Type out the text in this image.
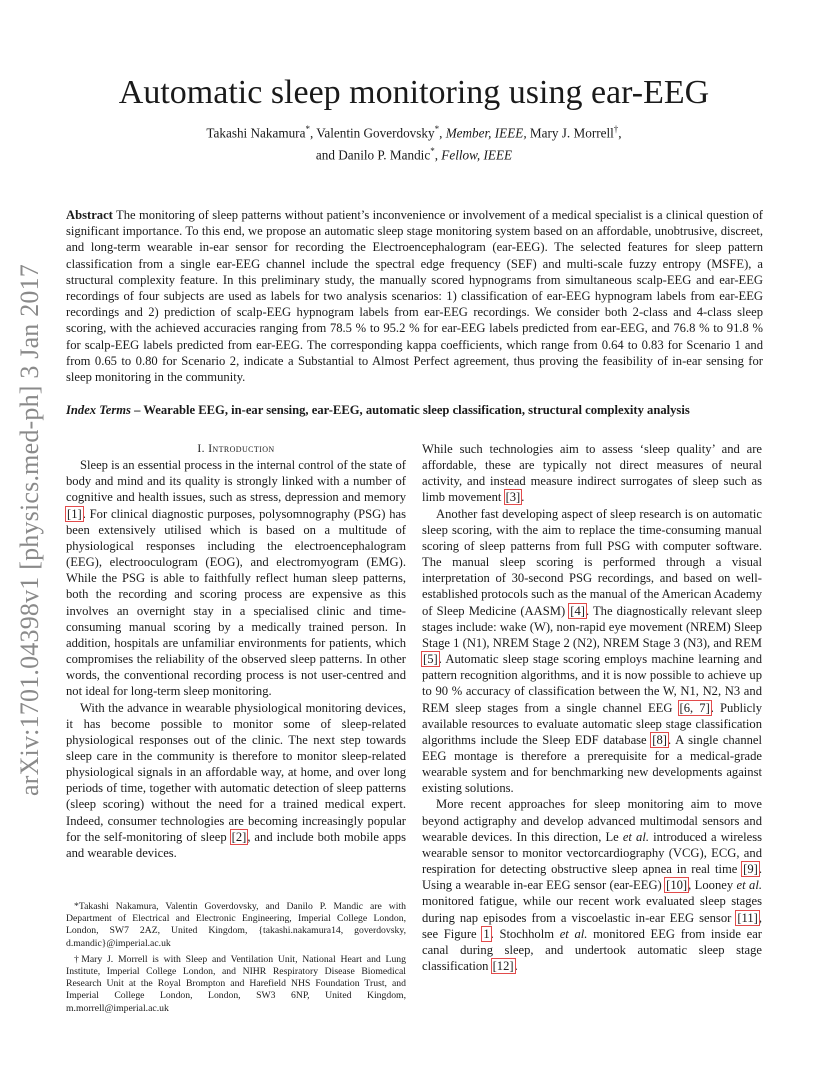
arXiv:1701.04398v1 [physics.med-ph] 3 Jan 2017
Automatic sleep monitoring using ear-EEG
Takashi Nakamura*, Valentin Goverdovsky*, Member, IEEE, Mary J. Morrell†,
and Danilo P. Mandic*, Fellow, IEEE
Abstract The monitoring of sleep patterns without patient’s inconvenience or involvement of a medical specialist is a clinical question of significant importance. To this end, we propose an automatic sleep stage monitoring system based on an affordable, unobtrusive, discreet, and long-term wearable in-ear sensor for recording the Electroencephalogram (ear-EEG). The selected features for sleep pattern classification from a single ear-EEG channel include the spectral edge frequency (SEF) and multi-scale fuzzy entropy (MSFE), a structural complexity feature. In this preliminary study, the manually scored hypnograms from simultaneous scalp-EEG and ear-EEG recordings of four subjects are used as labels for two analysis scenarios: 1) classification of ear-EEG hypnogram labels from ear-EEG recordings and 2) prediction of scalp-EEG hypnogram labels from ear-EEG recordings. We consider both 2-class and 4-class sleep scoring, with the achieved accuracies ranging from 78.5 % to 95.2 % for ear-EEG labels predicted from ear-EEG, and 76.8 % to 91.8 % for scalp-EEG labels predicted from ear-EEG. The corresponding kappa coefficients, which range from 0.64 to 0.83 for Scenario 1 and from 0.65 to 0.80 for Scenario 2, indicate a Substantial to Almost Perfect agreement, thus proving the feasibility of in-ear sensing for sleep monitoring in the community.
Index Terms – Wearable EEG, in-ear sensing, ear-EEG, automatic sleep classification, structural complexity analysis

I. Introduction

Sleep is an essential process in the internal control of the state of body and mind and its quality is strongly linked with a number of cognitive and health issues, such as stress, depression and memory [1]. For clinical diagnostic purposes, polysomnography (PSG) has been extensively utilised which is based on a multitude of physiological responses including the electroencephalogram (EEG), electrooculogram (EOG), and electromyogram (EMG). While the PSG is able to faithfully reflect human sleep patterns, both the recording and scoring process are expensive as this involves an overnight stay in a specialised clinic and time-consuming manual scoring by a medically trained person. In addition, hospitals are unfamiliar environments for patients, which compromises the reliability of the observed sleep patterns. In other words, the conventional recording process is not user-centred and not ideal for long-term sleep monitoring.

With the advance in wearable physiological monitoring devices, it has become possible to monitor some of sleep-related physiological responses out of the clinic. The next step towards sleep care in the community is therefore to monitor sleep-related physiological signals in an affordable way, at home, and over long periods of time, together with automatic detection of sleep patterns (sleep scoring) without the need for a trained medical expert. Indeed, consumer technologies are becoming increasingly popular for the self-monitoring of sleep [2], and include both mobile apps and wearable devices.

*Takashi Nakamura, Valentin Goverdovsky, and Danilo P. Mandic are with Department of Electrical and Electronic Engineering, Imperial College London, London, SW7 2AZ, United Kingdom, {takashi.nakamura14, goverdovsky, d.mandic}@imperial.ac.uk

†Mary J. Morrell is with Sleep and Ventilation Unit, National Heart and Lung Institute, Imperial College London, and NIHR Respiratory Disease Biomedical Research Unit at the Royal Brompton and Harefield NHS Foundation Trust, and Imperial College London, London, SW3 6NP, United Kingdom, m.morrell@imperial.ac.uk

While such technologies aim to assess ‘sleep quality’ and are affordable, these are typically not direct measures of neural activity, and instead measure indirect surrogates of sleep such as limb movement [3].

Another fast developing aspect of sleep research is on automatic sleep scoring, with the aim to replace the time-consuming manual scoring of sleep patterns from full PSG with computer software. The manual sleep scoring is performed through a visual interpretation of 30-second PSG recordings, and based on well-established protocols such as the manual of the American Academy of Sleep Medicine (AASM) [4]. The diagnostically relevant sleep stages include: wake (W), non-rapid eye movement (NREM) Sleep Stage 1 (N1), NREM Stage 2 (N2), NREM Stage 3 (N3), and REM [5]. Automatic sleep stage scoring employs machine learning and pattern recognition algorithms, and it is now possible to achieve up to 90 % accuracy of classification between the W, N1, N2, N3 and REM sleep stages from a single channel EEG [6, 7]. Publicly available resources to evaluate automatic sleep stage classification algorithms include the Sleep EDF database [8]. A single channel EEG montage is therefore a prerequisite for a medical-grade wearable system and for benchmarking new developments against existing solutions.

More recent approaches for sleep monitoring aim to move beyond actigraphy and develop advanced multimodal sensors and wearable devices. In this direction, Le et al. introduced a wireless wearable sensor to monitor vectorcardiography (VCG), ECG, and respiration for detecting obstructive sleep apnea in real time [9]. Using a wearable in-ear EEG sensor (ear-EEG) [10], Looney et al. monitored fatigue, while our recent work evaluated sleep stages during nap episodes from a viscoelastic in-ear EEG sensor [11], see Figure 1. Stochholm et al. monitored EEG from inside ear canal during sleep, and undertook automatic sleep stage classification [12].
